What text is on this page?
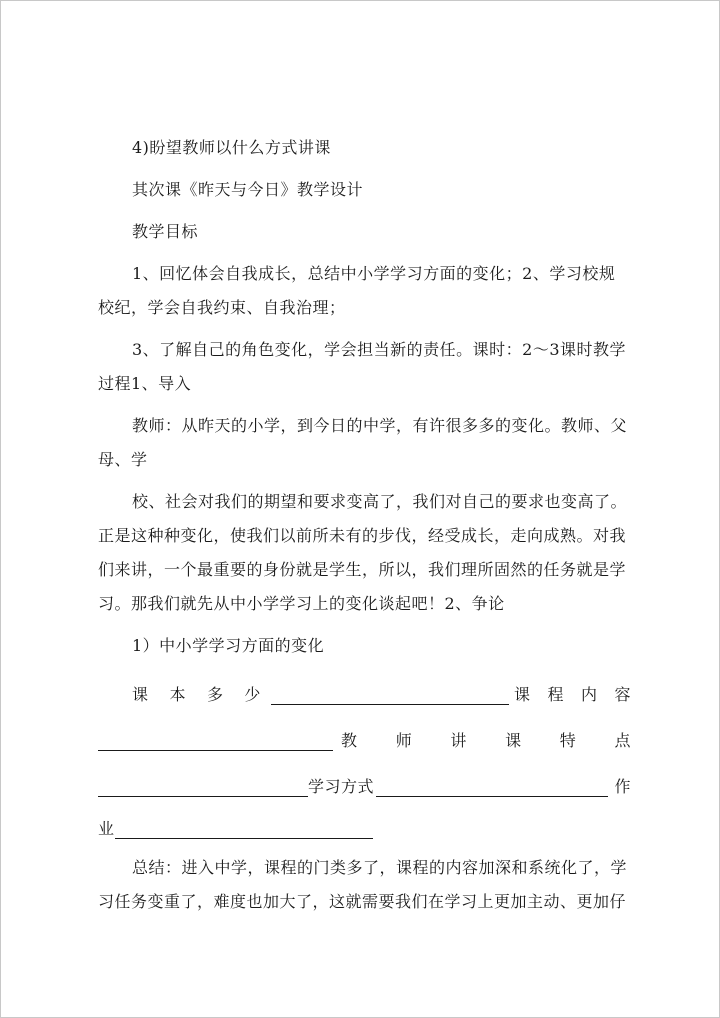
4)盼望教师以什么方式讲课

其次课《昨天与今日》教学设计

教学目标

1、回忆体会自我成长，总结中小学学习方面的变化；2、学习校规校纪，学会自我约束、自我治理；

3、了解自己的角色变化，学会担当新的责任。课时：2～3课时教学过程1、导入

教师：从昨天的小学，到今日的中学，有许很多多的变化。教师、父母、学

校、社会对我们的期望和要求变高了，我们对自己的要求也变高了。正是这种种变化，使我们以前所未有的步伐，经受成长，走向成熟。对我们来讲，一个最重要的身份就是学生，所以，我们理所固然的任务就是学习。那我们就先从中小学学习上的变化谈起吧！2、争论

1）中小学学习方面的变化

课 本 多 少	课 程 内 容
教 师 讲 课 特 点
学习方式	作
业

总结：进入中学，课程的门类多了，课程的内容加深和系统化了，学习任务变重了，难度也加大了，这就需要我们在学习上更加主动、更加仔
